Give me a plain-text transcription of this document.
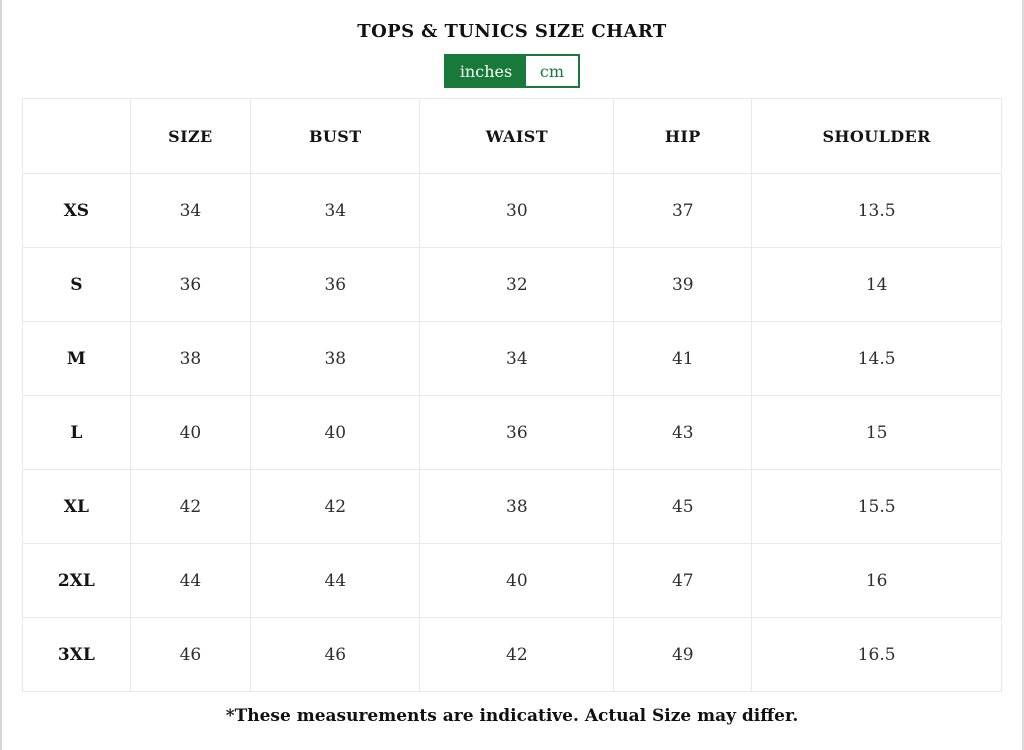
TOPS & TUNICS SIZE CHART
inches	cm
	SIZE	BUST	WAIST	HIP	SHOULDER
XS	34	34	30	37	13.5
S	36	36	32	39	14
M	38	38	34	41	14.5
L	40	40	36	43	15
XL	42	42	38	45	15.5
2XL	44	44	40	47	16
3XL	46	46	42	49	16.5
*These measurements are indicative. Actual Size may differ.
